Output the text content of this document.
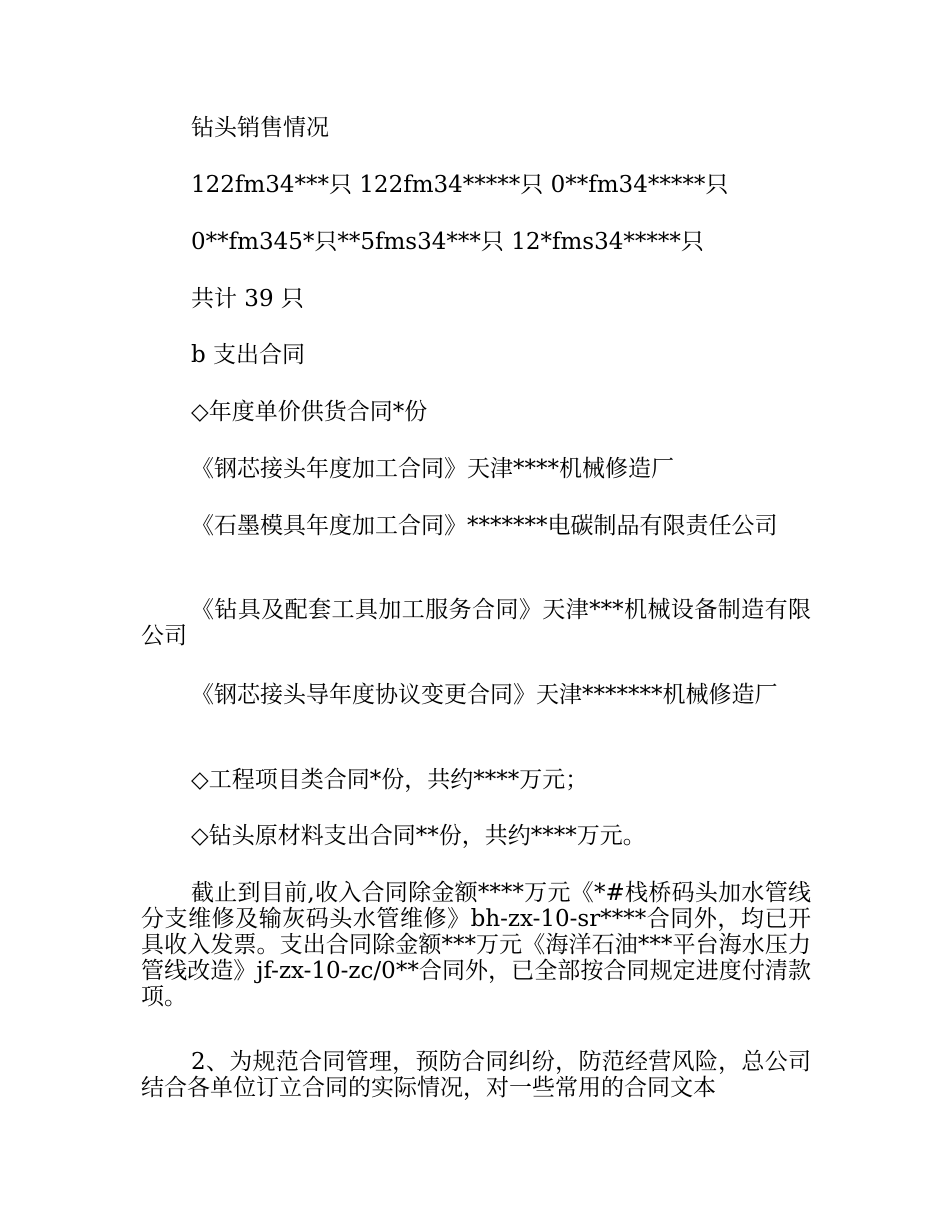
钻头销售情况

122fm34***只 122fm34*****只 0**fm34*****只

0**fm345*只**5fms34***只 12*fms34*****只

共计 39 只

b 支出合同

◇年度单价供货合同*份

《钢芯接头年度加工合同》天津****机械修造厂

《石墨模具年度加工合同》*******电碳制品有限责任公司

《钻具及配套工具加工服务合同》天津***机械设备制造有限公司

《钢芯接头导年度协议变更合同》天津*******机械修造厂

◇工程项目类合同*份，共约****万元；

◇钻头原材料支出合同**份，共约****万元。

截止到目前,收入合同除金额****万元《*#栈桥码头加水管线分支维修及输灰码头水管维修》bh-zx-10-sr****合同外，均已开具收入发票。支出合同除金额***万元《海洋石油***平台海水压力管线改造》jf-zx-10-zc/0**合同外，已全部按合同规定进度付清款项。

2、为规范合同管理，预防合同纠纷，防范经营风险，总公司结合各单位订立合同的实际情况，对一些常用的合同文本
